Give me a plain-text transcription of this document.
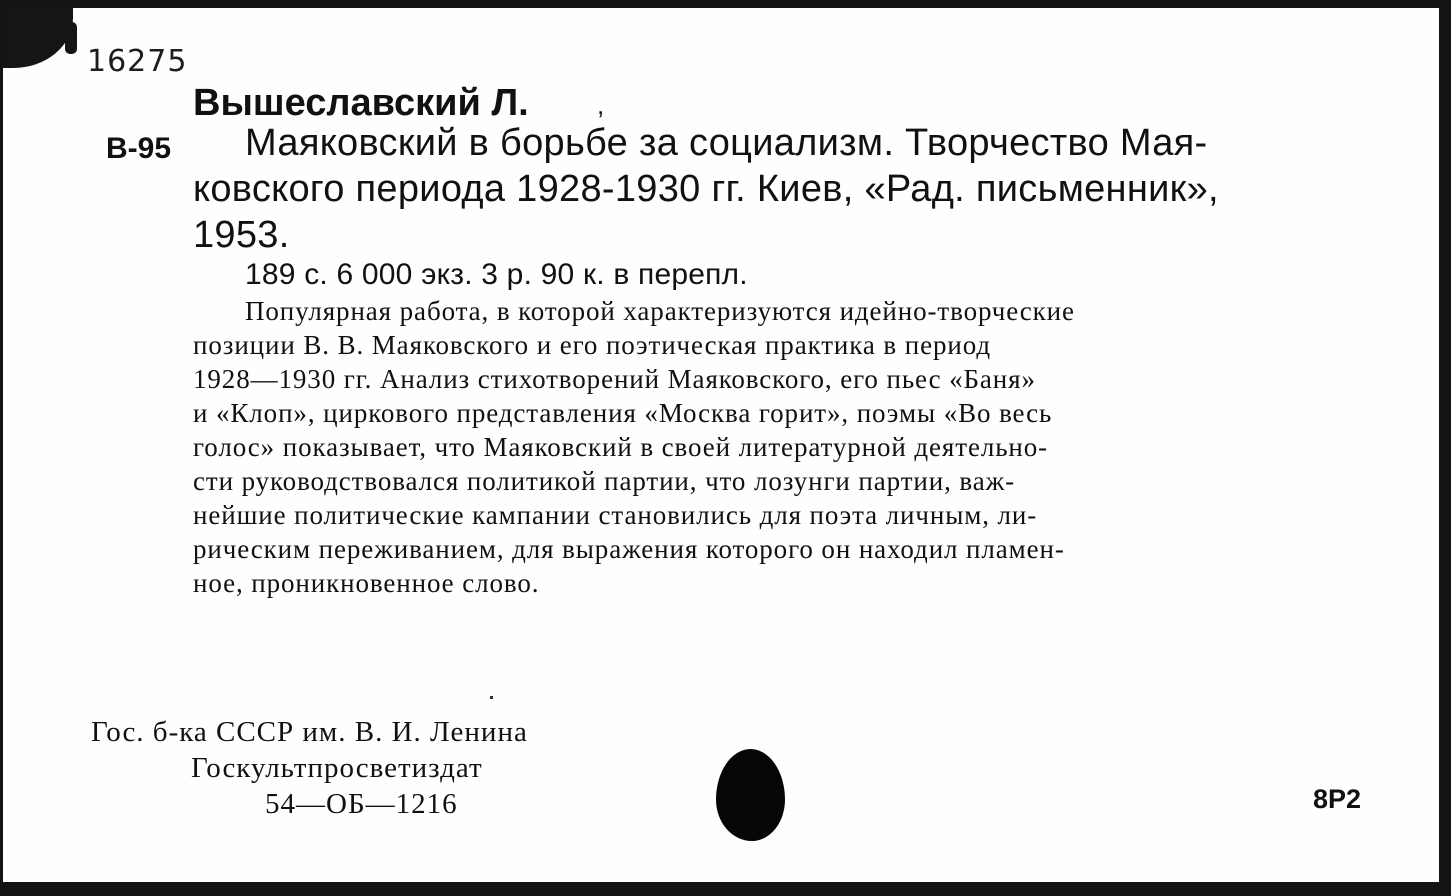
16275
Вышеславский Л.	,
В-95	Маяковский в борьбе за социализм. Творчество Мая-
ковского периода 1928-1930 гг. Киев, «Рад. письменник»,
1953.
189 с. 6 000 экз. 3 р. 90 к. в перепл.
Популярная работа, в которой характеризуются идейно-творческие
позиции В. В. Маяковского и его поэтическая практика в период
1928—1930 гг. Анализ стихотворений Маяковского, его пьес «Баня»
и «Клоп», циркового представления «Москва горит», поэмы «Во весь
голос» показывает, что Маяковский в своей литературной деятельно-
сти руководствовался политикой партии, что лозунги партии, важ-
нейшие политические кампании становились для поэта личным, ли-
рическим переживанием, для выражения которого он находил пламен-
ное, проникновенное слово.
Гос. б-ка СССР им. В. И. Ленина
Госкультпросветиздат
54—ОБ—1216	8Р2
